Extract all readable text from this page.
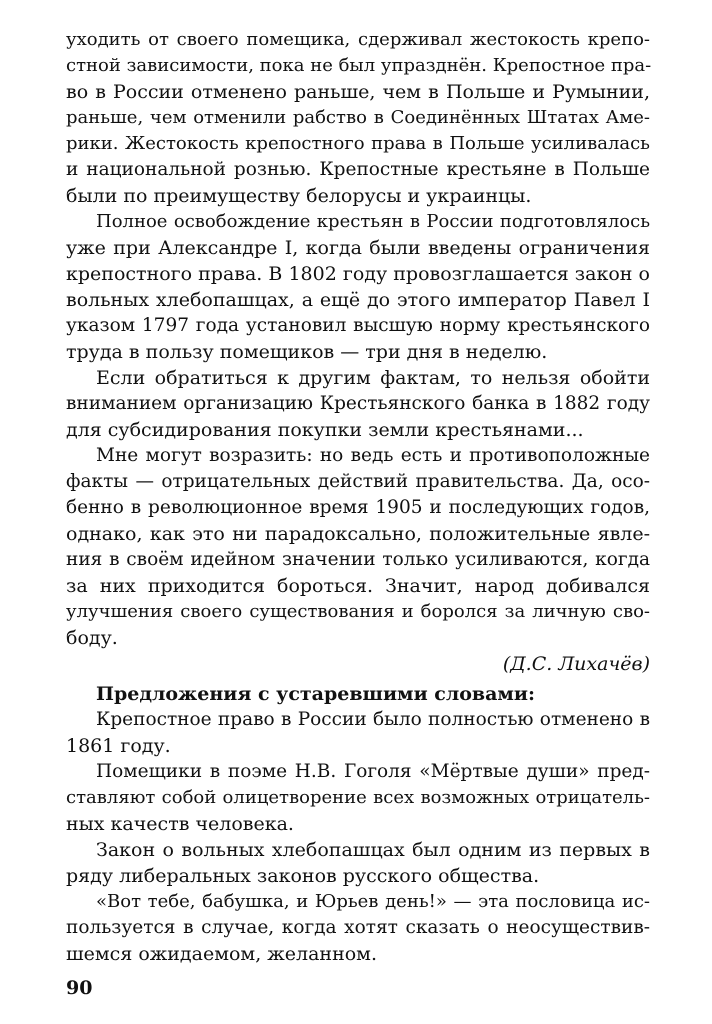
уходить от своего помещика, сдерживал жестокость крепо-
стной зависимости, пока не был упразднён. Крепостное пра-
во в России отменено раньше, чем в Польше и Румынии,
раньше, чем отменили рабство в Соединённых Штатах Аме-
рики. Жестокость крепостного права в Польше усиливалась
и национальной рознью. Крепостные крестьяне в Польше
были по преимуществу белорусы и украинцы.
Полное освобождение крестьян в России подготовлялось
уже при Александре I, когда были введены ограничения
крепостного права. В 1802 году провозглашается закон о
вольных хлебопашцах, а ещё до этого император Павел I
указом 1797 года установил высшую норму крестьянского
труда в пользу помещиков — три дня в неделю.
Если обратиться к другим фактам, то нельзя обойти
вниманием организацию Крестьянского банка в 1882 году
для субсидирования покупки земли крестьянами...
Мне могут возразить: но ведь есть и противоположные
факты — отрицательных действий правительства. Да, осо-
бенно в революционное время 1905 и последующих годов,
однако, как это ни парадоксально, положительные явле-
ния в своём идейном значении только усиливаются, когда
за них приходится бороться. Значит, народ добивался
улучшения своего существования и боролся за личную сво-
боду.
(Д.С. Лихачёв)
Предложения с устаревшими словами:
Крепостное право в России было полностью отменено в
1861 году.
Помещики в поэме Н.В. Гоголя «Мёртвые души» пред-
ставляют собой олицетворение всех возможных отрицатель-
ных качеств человека.
Закон о вольных хлебопашцах был одним из первых в
ряду либеральных законов русского общества.
«Вот тебе, бабушка, и Юрьев день!» — эта пословица ис-
пользуется в случае, когда хотят сказать о неосуществив-
шемся ожидаемом, желанном.
90
